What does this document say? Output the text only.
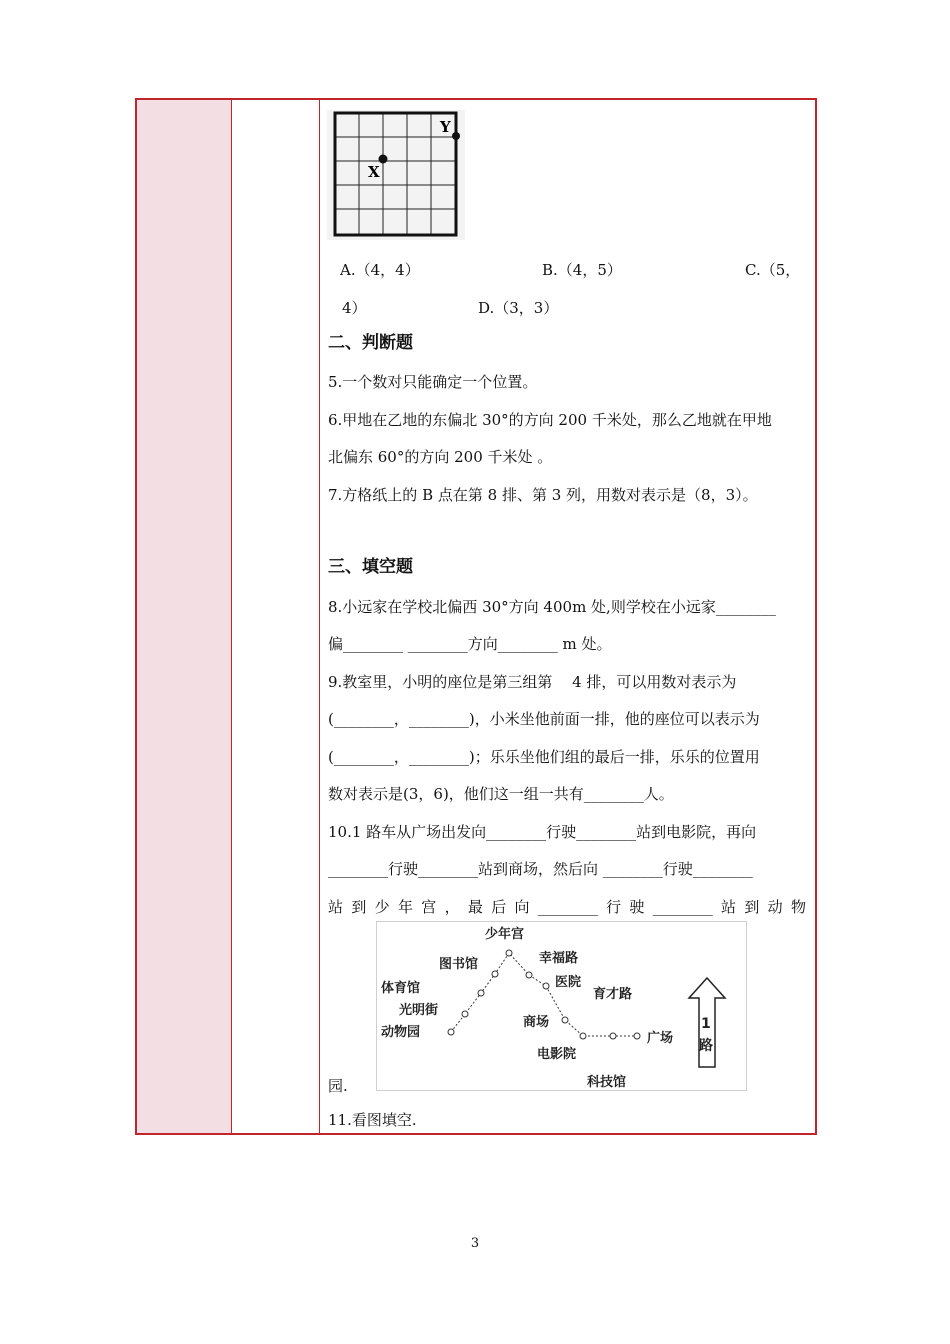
X
Y
A.（4，4）	B.（4，5）	C.（5，
4）	D.（3，3）
二、判断题
5.一个数对只能确定一个位置。
6.甲地在乙地的东偏北 30°的方向 200 千米处，那么乙地就在甲地
北偏东 60°的方向 200 千米处 。
7.方格纸上的 B 点在第 8 排、第 3 列，用数对表示是（8，3）。
三、填空题
8.小远家在学校北偏西 30°方向 400m 处,则学校在小远家________
偏________ ________方向________ m 处。
9.教室里，小明的座位是第三组第　 4 排，可以用数对表示为
(________，________)，小米坐他前面一排，他的座位可以表示为
(________，________)；乐乐坐他们组的最后一排，乐乐的位置用
数对表示是(3，6)，他们这一组一共有________人。
10.1 路车从广场出发向________行驶________站到电影院，再向
________行驶________站到商场，然后向 ________行驶________
站 到 少 年 宫 ， 最 后 向 ________ 行 驶 ________ 站 到 动 物
少年宫
图书馆	幸福路
体育馆	医院
育才路
光明街
商场
动物园
电影院
广场
科技馆
1
路
园.
11.看图填空.
3
